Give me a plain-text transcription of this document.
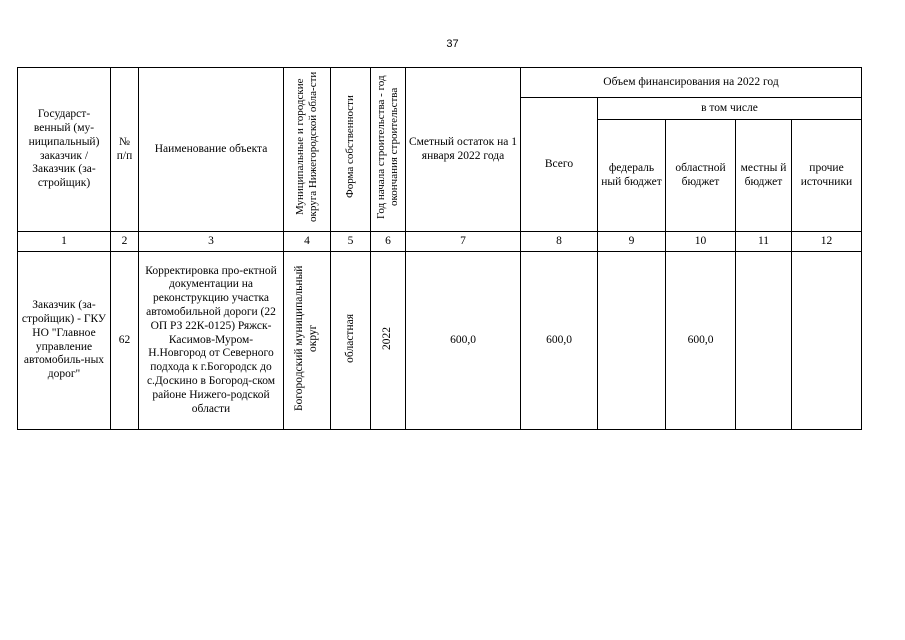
37
Государст-венный (му-ниципальный) заказчик / Заказчик (за-стройщик)	№ п/п	Наименование объекта	Муниципальные и городские округа Нижегородской обла-сти	Форма собственности	Год начала строительства - год окончания строительства	Сметный остаток на 1 января 2022 года	Объем финансирования на 2022 год				
							Всего	в том числе			
								федераль ный бюджет	областной бюджет	местны й бюджет	прочие источники
1	2	3	4	5	6	7	8	9	10	11	12
Заказчик (за-стройщик) - ГКУ НО "Главное управление автомобиль-ных дорог"	62	Корректировка про-ектной документации на реконструкцию участка автомобильной дороги (22 ОП РЗ 22К-0125) Ряжск-Касимов-Муром-Н.Новгород от Северного подхода к г.Богородск до с.Доскино в Богород-ском районе Нижего-родской области	Богородский муниципальный округ	областная	2022	600,0	600,0		600,0		
